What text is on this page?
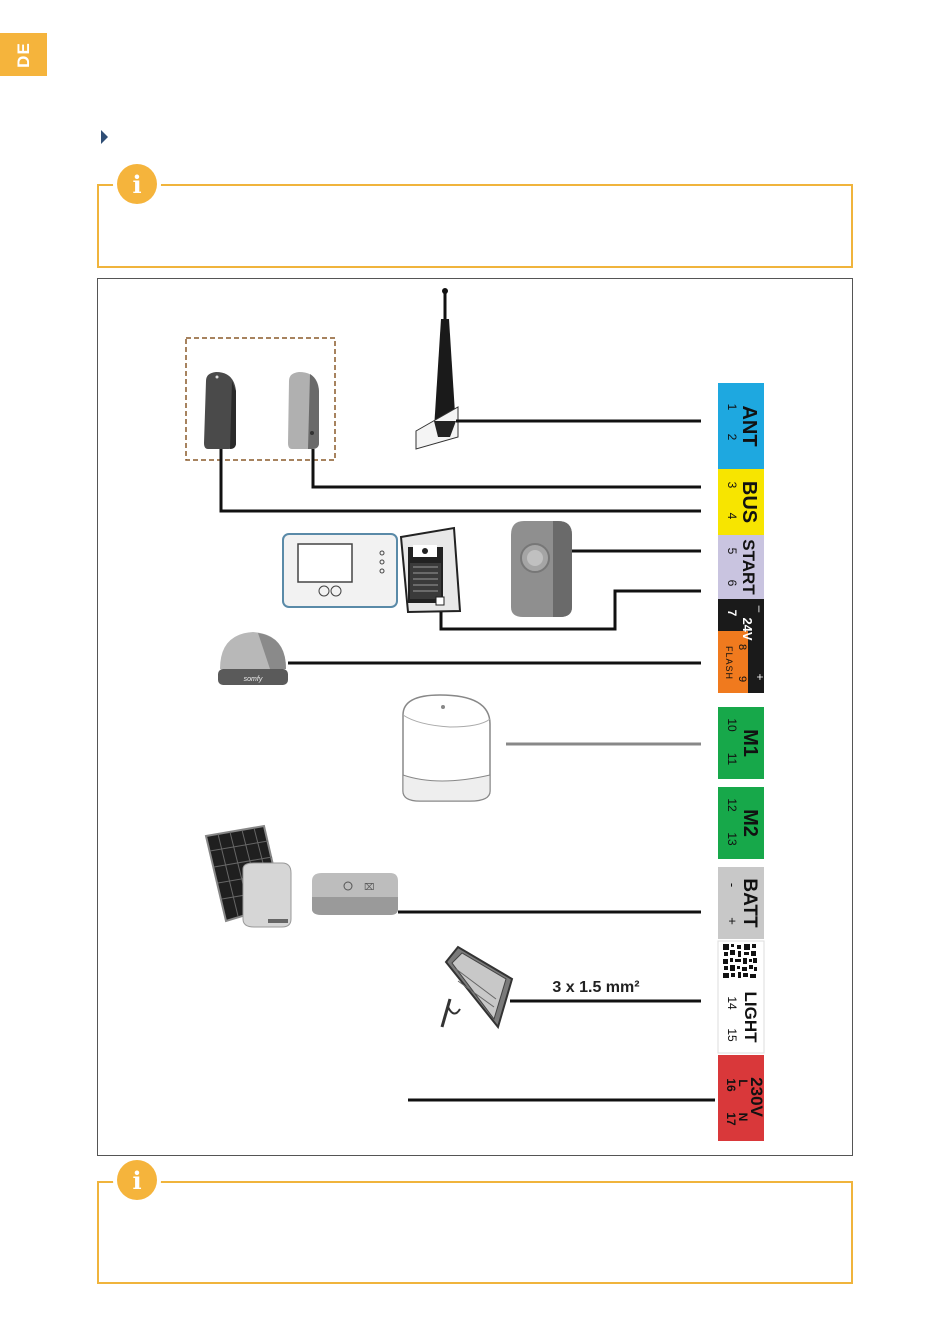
DE
i
somfy
⌧
3 x 1.5 mm²
ANT
1
2
BUS
3
4
START
5
6
24V
–
+
7
8
9
FLASH
M1
10
11
M2
12
13
BATT
-
+
LIGHT
14
15
230V
L
N
16
17
i
